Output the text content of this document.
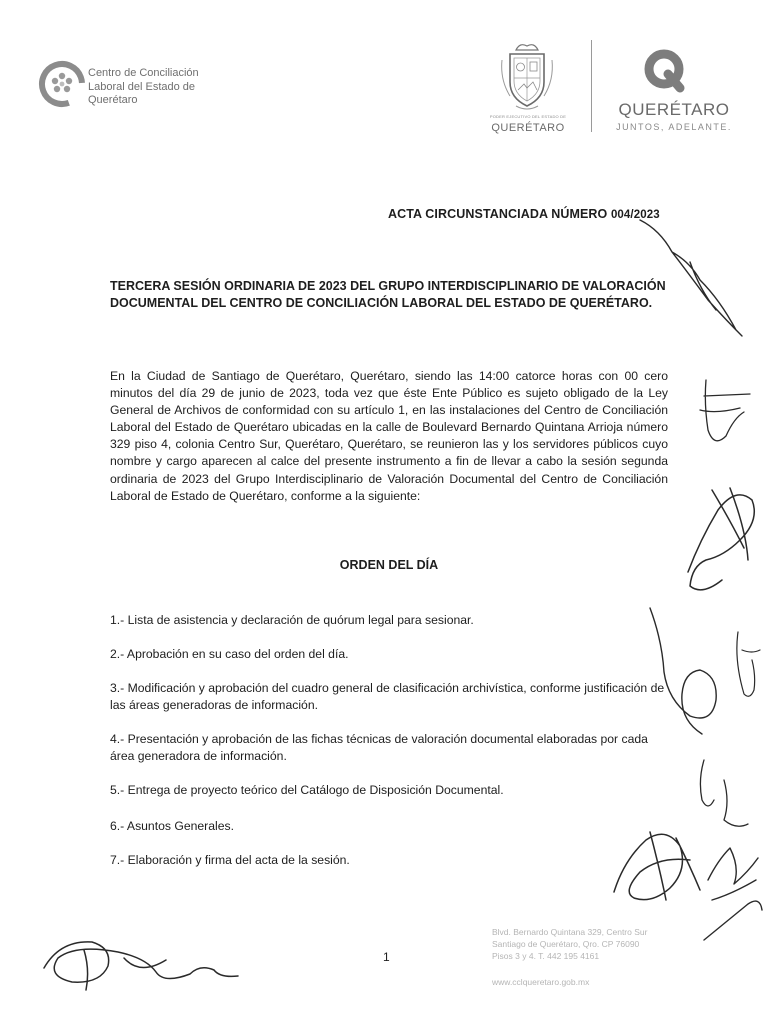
Centro de Conciliación
Laboral del Estado de
Querétaro
PODER EJECUTIVO DEL ESTADO DE
QUERÉTARO
QUERÉTARO
JUNTOS, ADELANTE.
ACTA CIRCUNSTANCIADA NÚMERO 004/2023
TERCERA SESIÓN ORDINARIA DE 2023 DEL GRUPO INTERDISCIPLINARIO DE VALORACIÓN
DOCUMENTAL DEL CENTRO DE CONCILIACIÓN LABORAL DEL ESTADO DE QUERÉTARO.
En la Ciudad de Santiago de Querétaro, Querétaro, siendo las 14:00 catorce horas con 00 cero minutos del día 29 de junio de 2023, toda vez que éste Ente Público es sujeto obligado de la Ley General de Archivos de conformidad con su artículo 1, en las instalaciones del Centro de Conciliación Laboral del Estado de Querétaro ubicadas en la calle de Boulevard Bernardo Quintana Arrioja número 329 piso 4, colonia Centro Sur, Querétaro, Querétaro, se reunieron las y los servidores públicos cuyo nombre y cargo aparecen al calce del presente instrumento a fin de llevar a cabo la sesión segunda ordinaria de 2023 del Grupo Interdisciplinario de Valoración Documental del Centro de Conciliación Laboral de Estado de Querétaro, conforme a la siguiente:
ORDEN DEL DÍA
1.- Lista de asistencia y declaración de quórum legal para sesionar.
2.- Aprobación en su caso del orden del día.
3.- Modificación y aprobación del cuadro general de clasificación archivística, conforme justificación de las áreas generadoras de información.
4.- Presentación y aprobación de las fichas técnicas de valoración documental elaboradas por cada área generadora de información.
5.- Entrega de proyecto teórico del Catálogo de Disposición Documental.
6.- Asuntos Generales.
7.- Elaboración y firma del acta de la sesión.
1
Blvd. Bernardo Quintana 329, Centro Sur
Santiago de Querétaro, Qro. CP 76090
Pisos 3 y 4. T. 442 195 4161
www.cclqueretaro.gob.mx
